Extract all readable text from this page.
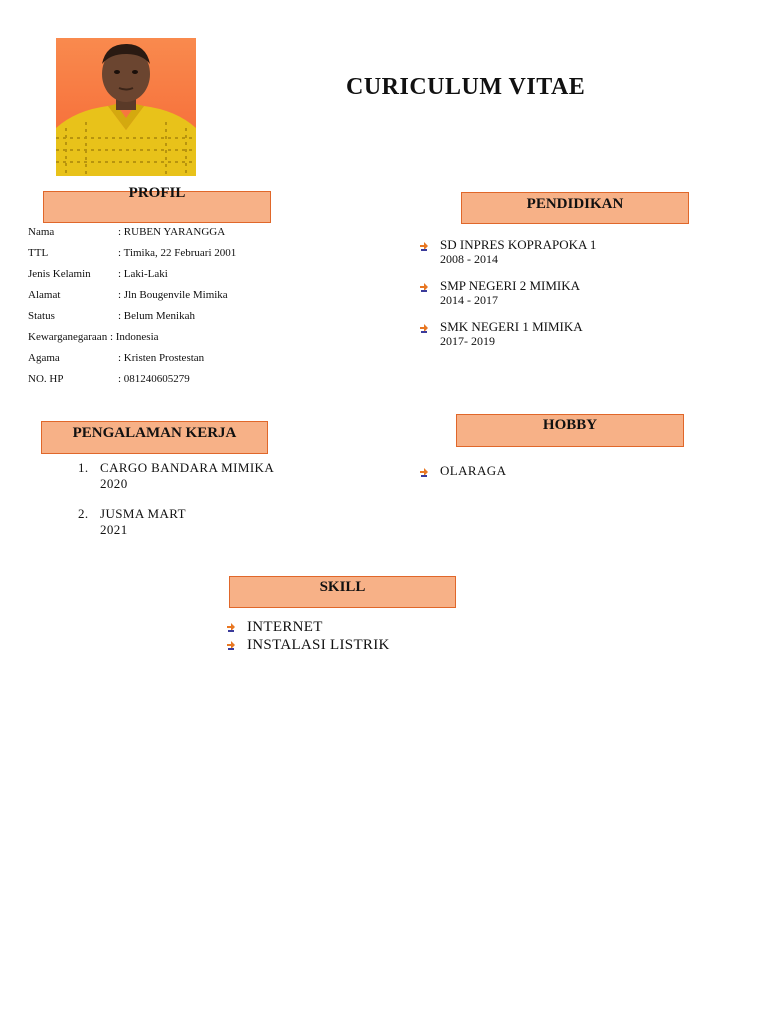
CURICULUM VITAE
PROFIL
Nama	: RUBEN YARANGGA
TTL	: Timika, 22 Februari 2001
Jenis Kelamin : Laki-Laki
Alamat	: Jln Bougenvile Mimika
Status	: Belum Menikah
Kewarganegaraan : Indonesia
Agama	: Kristen Prostestan
NO. HP	: 081240605279
PENDIDIKAN
SD INPRES KOPRAPOKA 1
2008 - 2014
SMP NEGERI 2 MIMIKA
2014 - 2017
SMK NEGERI 1 MIMIKA
2017- 2019
PENGALAMAN KERJA
1. CARGO BANDARA MIMIKA
2020
2. JUSMA MART
2021
HOBBY
OLARAGA
SKILL
INTERNET
INSTALASI LISTRIK
